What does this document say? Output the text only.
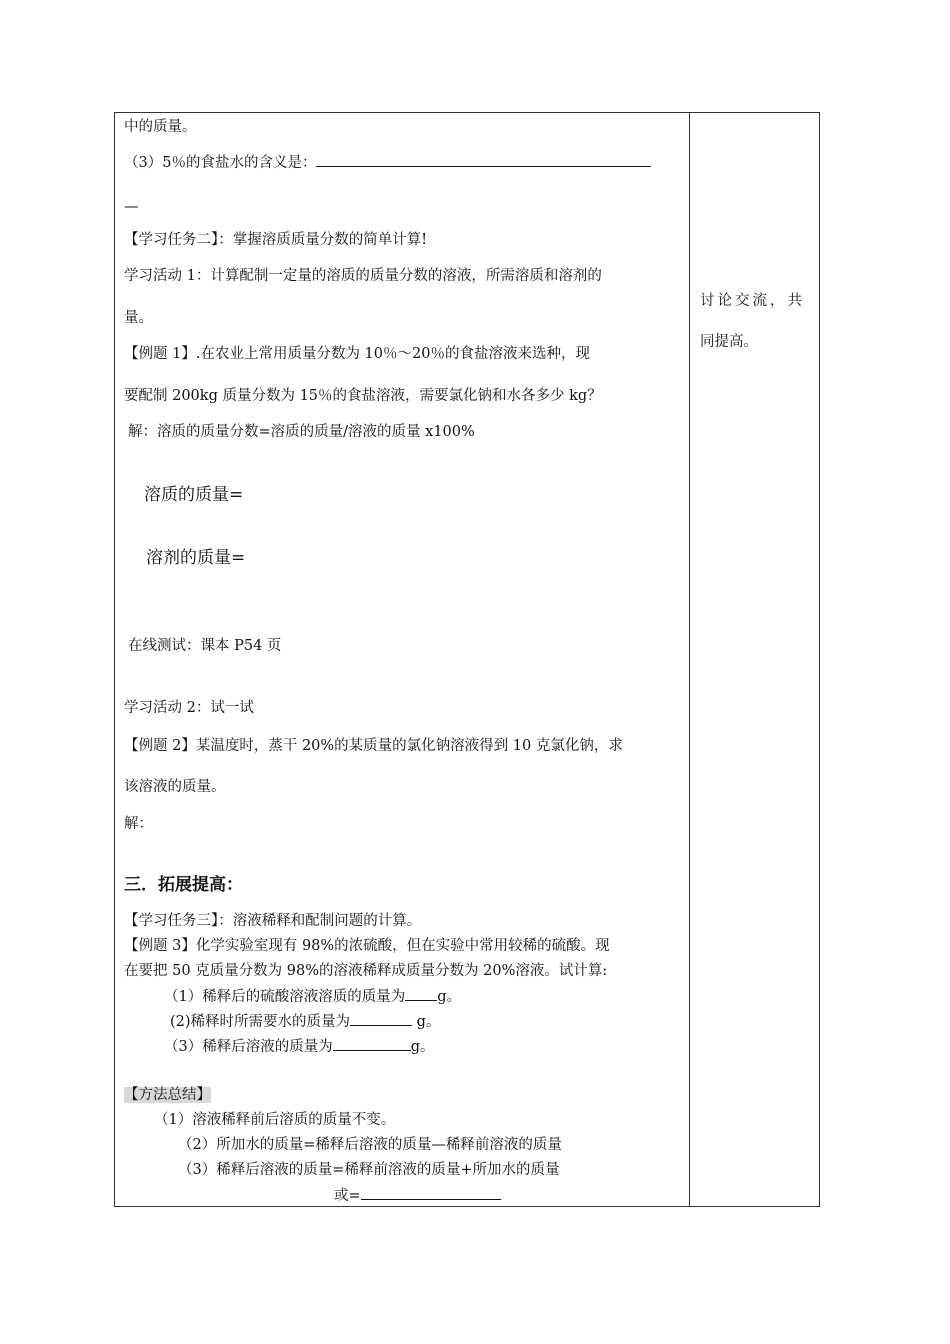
中的质量。
（3）5％的食盐水的含义是：
—
【学习任务二】：掌握溶质质量分数的简单计算!
学习活动 1：计算配制一定量的溶质的质量分数的溶液，所需溶质和溶剂的
量。
【例题 1】.在农业上常用质量分数为 10％～20％的食盐溶液来选种，现
要配制 200kg 质量分数为 15％的食盐溶液，需要氯化钠和水各多少 kg？
解：溶质的质量分数=溶质的质量/溶液的质量 x100%
溶质的质量=
溶剂的质量=
在线测试：课本 P54 页
学习活动 2：试一试
【例题 2】某温度时，蒸干 20%的某质量的氯化钠溶液得到 10 克氯化钠，求
该溶液的质量。
解：
三．拓展提高：
【学习任务三】：溶液稀释和配制问题的计算。
【例题 3】化学实验室现有 98%的浓硫酸，但在实验中常用较稀的硫酸。现
在要把 50 克质量分数为 98%的溶液稀释成质量分数为 20%溶液。试计算:
（1）稀释后的硫酸溶液溶质的质量为 g。
(2)稀释时所需要水的质量为	g。
（3）稀释后溶液的质量为	g。
【方法总结】
（1）溶液稀释前后溶质的质量不变。
（2）所加水的质量=稀释后溶液的质量—稀释前溶液的质量
（3）稀释后溶液的质量=稀释前溶液的质量+所加水的质量
或=
讨论交流，共
同提高。
